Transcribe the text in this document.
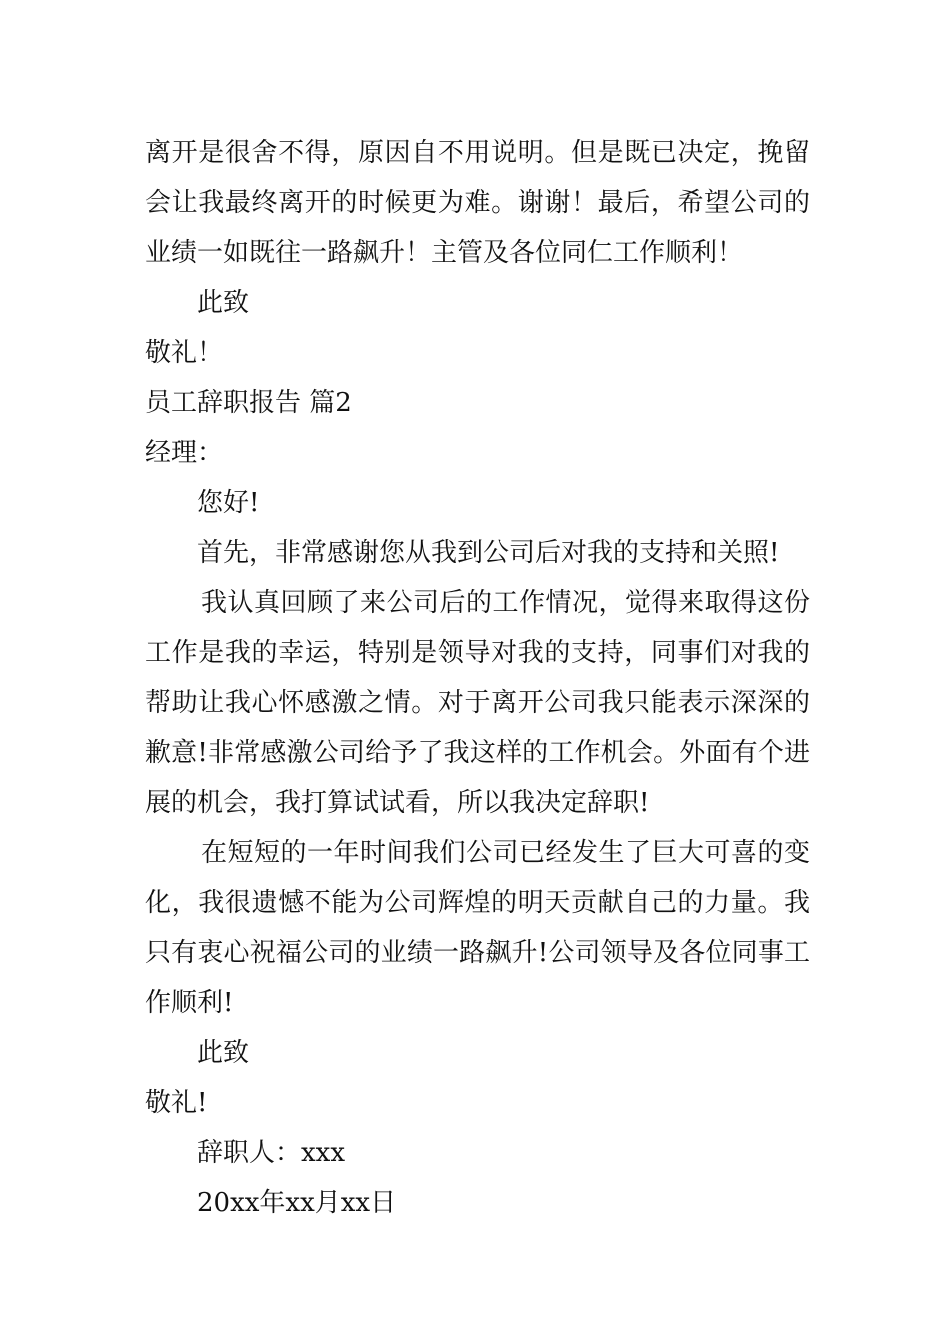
离开是很舍不得，原因自不用说明。但是既已决定，挽留
会让我最终离开的时候更为难。谢谢！最后，希望公司的
业绩一如既往一路飙升！主管及各位同仁工作顺利！
此致
敬礼！
员工辞职报告 篇2
经理：
您好!
首先，非常感谢您从我到公司后对我的支持和关照!
我认真回顾了来公司后的工作情况，觉得来取得这份
工作是我的幸运，特别是领导对我的支持，同事们对我的
帮助让我心怀感激之情。对于离开公司我只能表示深深的
歉意!非常感激公司给予了我这样的工作机会。外面有个进
展的机会，我打算试试看，所以我决定辞职!
在短短的一年时间我们公司已经发生了巨大可喜的变
化，我很遗憾不能为公司辉煌的明天贡献自己的力量。我
只有衷心祝福公司的业绩一路飙升!公司领导及各位同事工
作顺利!
此致
敬礼!
辞职人：xxx
20xx年xx月xx日
